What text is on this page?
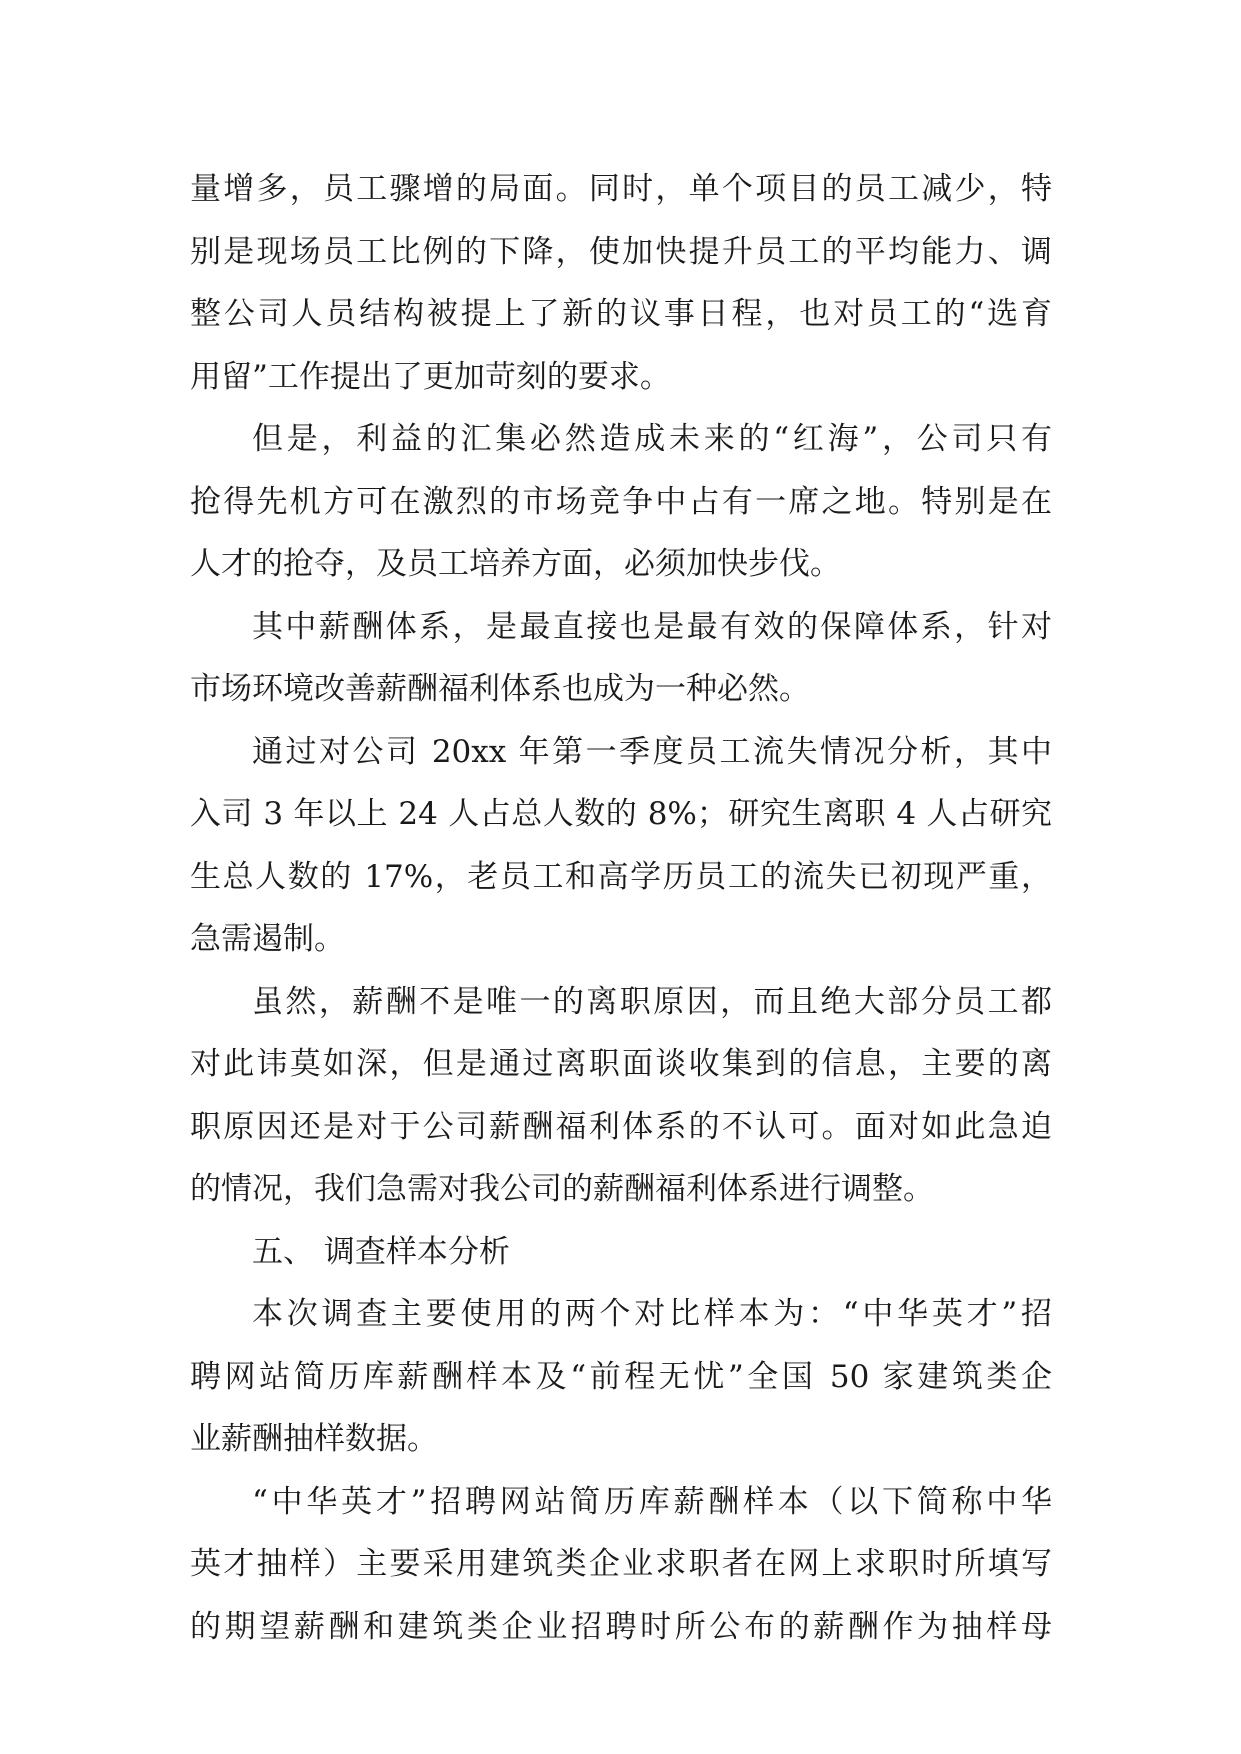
量增多，员工骤增的局面。同时，单个项目的员工减少，特
别是现场员工比例的下降，使加快提升员工的平均能力、调
整公司人员结构被提上了新的议事日程，也对员工的“选育
用留”工作提出了更加苛刻的要求。
但是，利益的汇集必然造成未来的“红海”，公司只有
抢得先机方可在激烈的市场竞争中占有一席之地。特别是在
人才的抢夺，及员工培养方面，必须加快步伐。
其中薪酬体系，是最直接也是最有效的保障体系，针对
市场环境改善薪酬福利体系也成为一种必然。
通过对公司 20xx 年第一季度员工流失情况分析，其中
入司 3 年以上 24 人占总人数的 8%；研究生离职 4 人占研究
生总人数的 17%，老员工和高学历员工的流失已初现严重，
急需遏制。
虽然，薪酬不是唯一的离职原因，而且绝大部分员工都
对此讳莫如深，但是通过离职面谈收集到的信息，主要的离
职原因还是对于公司薪酬福利体系的不认可。面对如此急迫
的情况，我们急需对我公司的薪酬福利体系进行调整。
五、 调查样本分析
本次调查主要使用的两个对比样本为：“中华英才”招
聘网站简历库薪酬样本及“前程无忧”全国 50 家建筑类企
业薪酬抽样数据。
“中华英才”招聘网站简历库薪酬样本（以下简称中华
英才抽样）主要采用建筑类企业求职者在网上求职时所填写
的期望薪酬和建筑类企业招聘时所公布的薪酬作为抽样母
